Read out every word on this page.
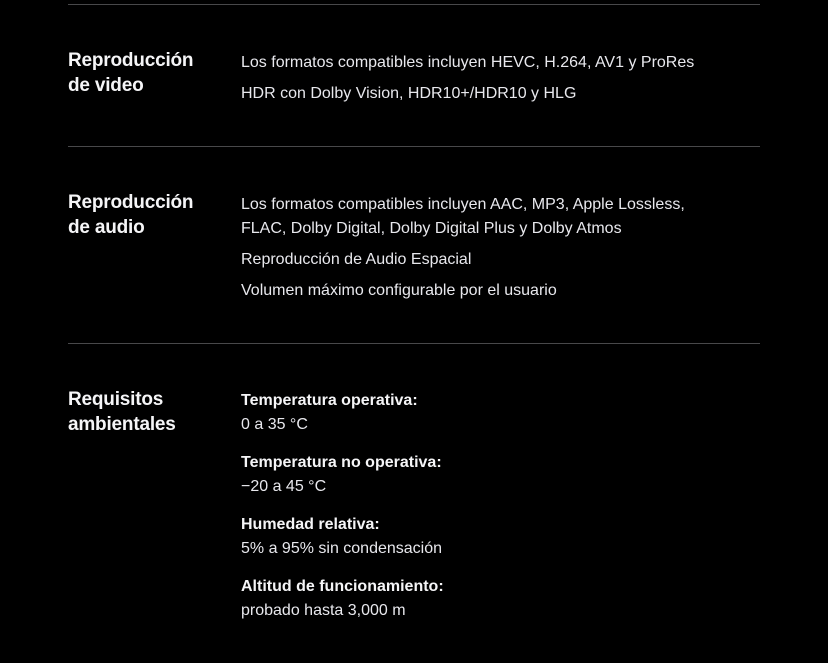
Reproducción
de video
Los formatos compatibles incluyen HEVC, H.264, AV1 y ProRes
HDR con Dolby Vision, HDR10+/HDR10 y HLG
Reproducción
de audio
Los formatos compatibles incluyen AAC, MP3, Apple Lossless,
FLAC, Dolby Digital, Dolby Digital Plus y Dolby Atmos
Reproducción de Audio Espacial
Volumen máximo configurable por el usuario
Requisitos
ambientales
Temperatura operativa:
0 a 35 °C
Temperatura no operativa:
−20 a 45 °C
Humedad relativa:
5% a 95% sin condensación
Altitud de funcionamiento:
probado hasta 3,000 m
